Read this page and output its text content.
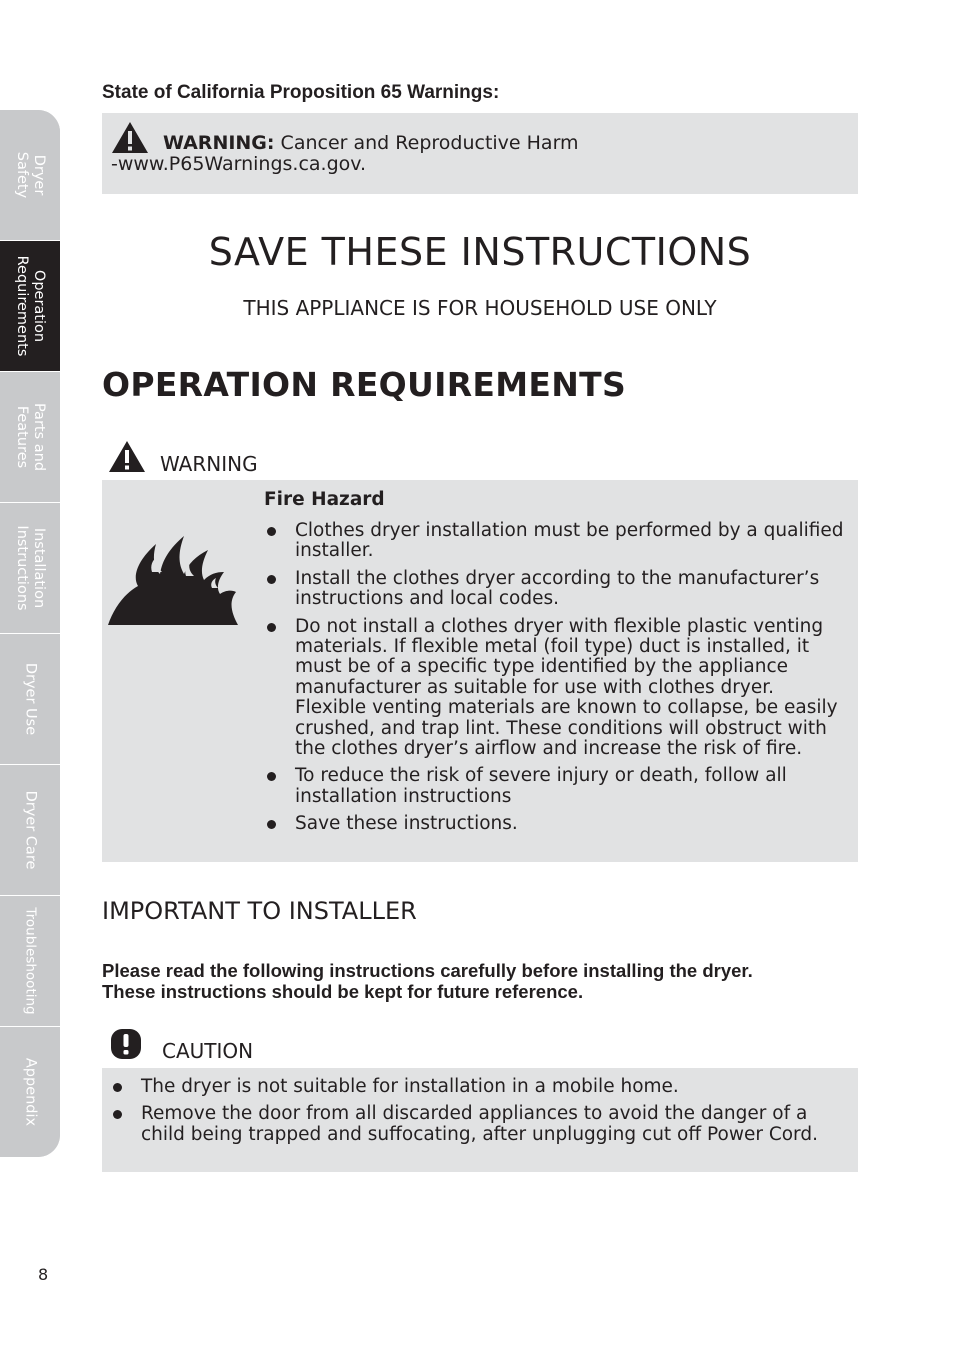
Dryer
Safety
Operation
Requirements
Parts and
Features
Installation
Instructions
Dryer Use
Dryer Care
Troubleshooting
Appendix
State of California Proposition 65 Warnings:
WARNING: Cancer and Reproductive Harm
-www.P65Warnings.ca.gov.
SAVE THESE INSTRUCTIONS
THIS APPLIANCE IS FOR HOUSEHOLD USE ONLY
OPERATION REQUIREMENTS
WARNING
Fire Hazard
Clothes dryer installation must be performed by a qualified installer.
Install the clothes dryer according to the manufacturer’s instructions and local codes.
Do not install a clothes dryer with flexible plastic venting materials. If flexible metal (foil type) duct is installed, it must be of a specific type identified by the appliance manufacturer as suitable for use with clothes dryer. Flexible venting materials are known to collapse, be easily crushed, and trap lint. These conditions will obstruct with the clothes dryer’s airflow and increase the risk of fire.
To reduce the risk of severe injury or death, follow all installation instructions
Save these instructions.
IMPORTANT TO INSTALLER
Please read the following instructions carefully before installing the dryer.
These instructions should be kept for future reference.
CAUTION
The dryer is not suitable for installation in a mobile home.
Remove the door from all discarded appliances to avoid the danger of a child being trapped and suffocating, after unplugging cut off Power Cord.
8
